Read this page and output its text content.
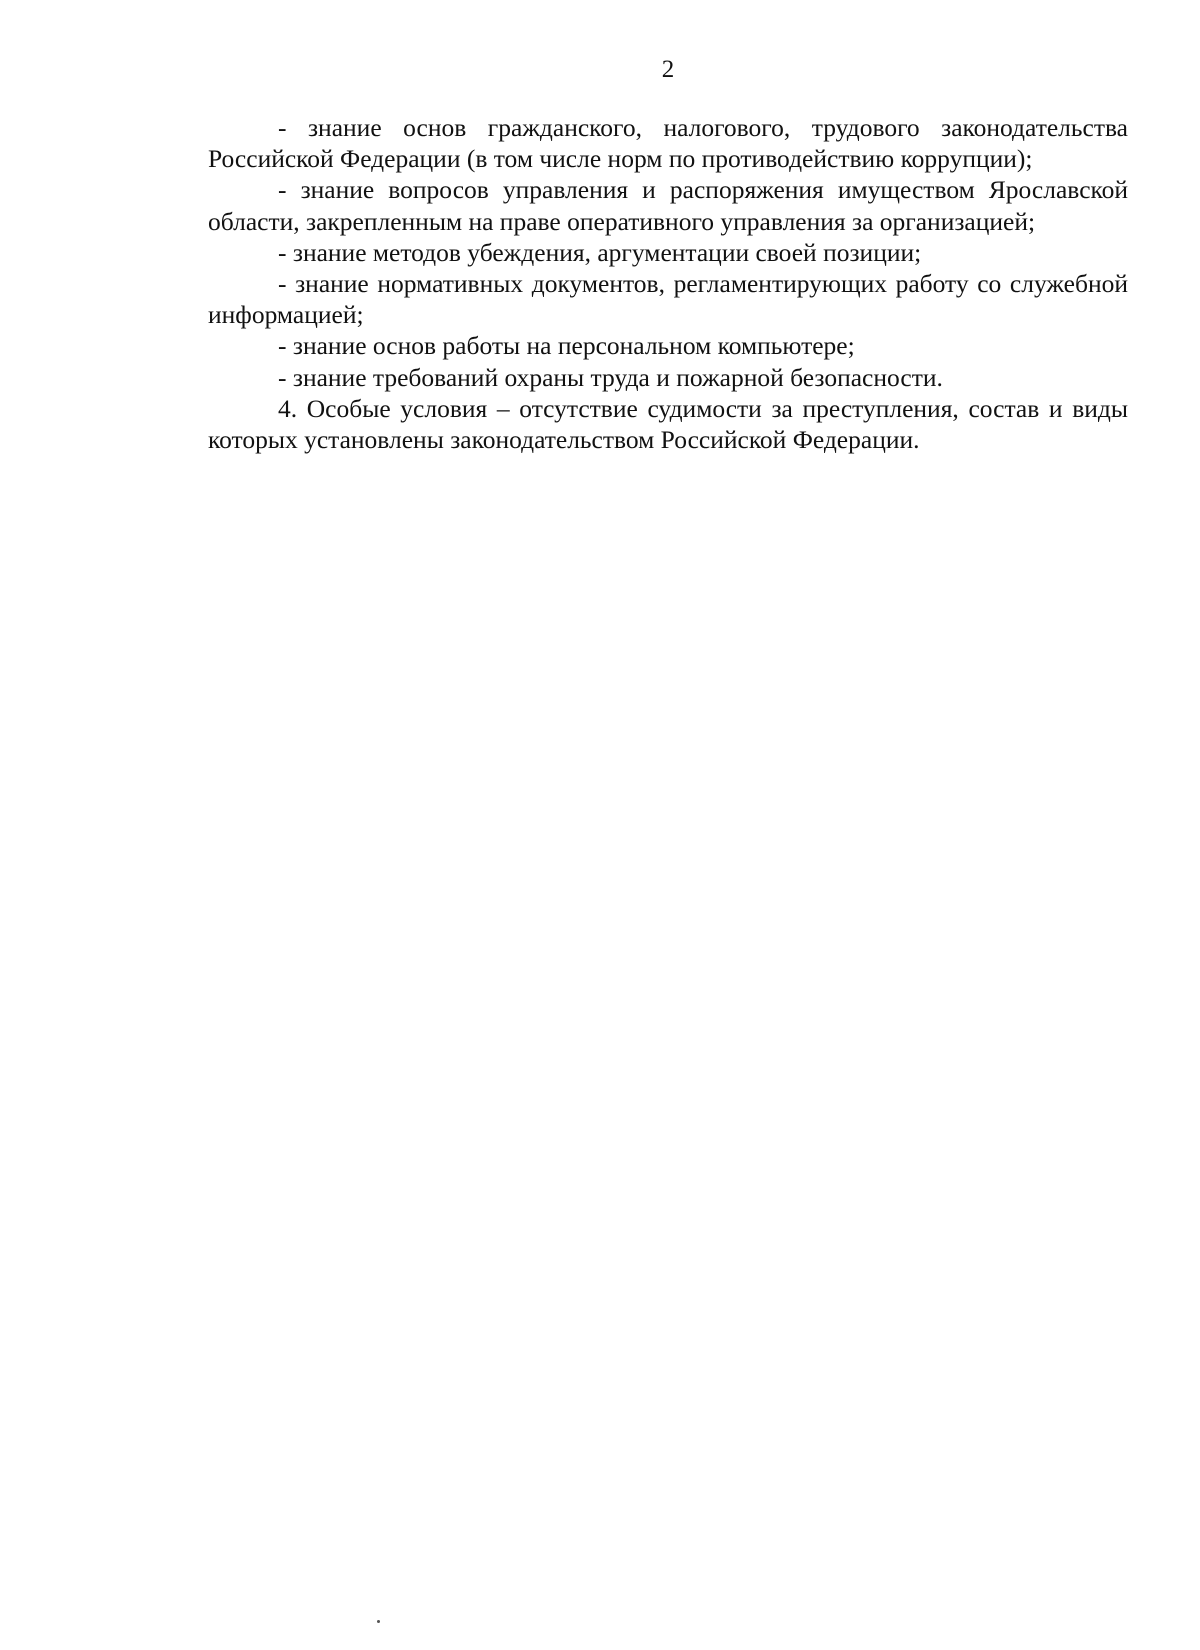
2

- знание основ гражданского, налогового, трудового законодательства Российской Федерации (в том числе норм по противодействию коррупции);

- знание вопросов управления и распоряжения имуществом Ярославской области, закрепленным на праве оперативного управления за организацией;

- знание методов убеждения, аргументации своей позиции;

- знание нормативных документов, регламентирующих работу со служебной информацией;

- знание основ работы на персональном компьютере;

- знание требований охраны труда и пожарной безопасности.

4. Особые условия – отсутствие судимости за преступления, состав и виды которых установлены законодательством Российской Федерации.
